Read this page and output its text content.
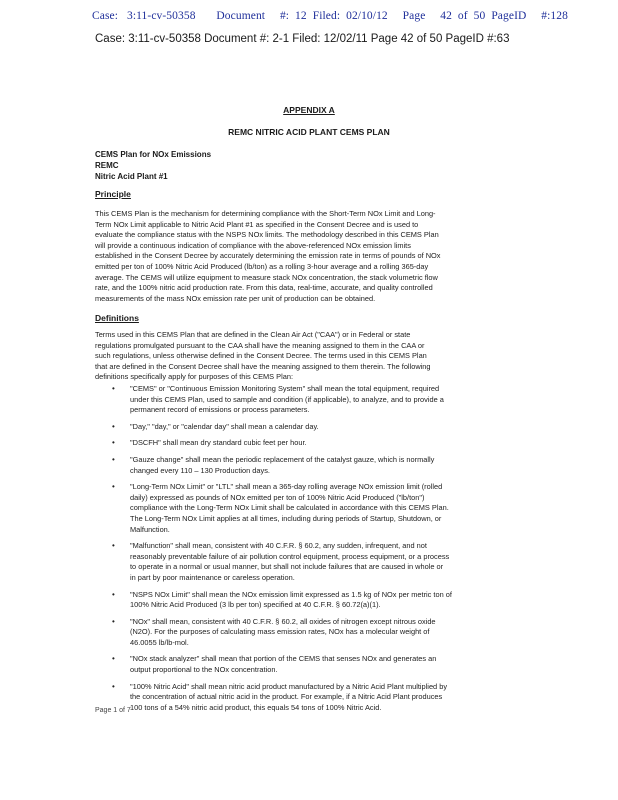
Case:   3:11-cv-50358       Document     #:  12  Filed:  02/10/12     Page     42  of  50  PageID     #:128
Case: 3:11-cv-50358 Document #: 2-1 Filed: 12/02/11 Page 42 of 50 PageID #:63
APPENDIX A
REMC NITRIC ACID PLANT CEMS PLAN
CEMS Plan for NOx Emissions
REMC
Nitric Acid Plant #1
Principle
This CEMS Plan is the mechanism for determining compliance with the Short-Term NOx Limit and Long-
Term NOx Limit applicable to Nitric Acid Plant #1 as specified in the Consent Decree and is used to
evaluate the compliance status with the NSPS NOx limits. The methodology described in this CEMS Plan
will provide a continuous indication of compliance with the above-referenced NOx emission limits
established in the Consent Decree by accurately determining the emission rate in terms of pounds of NOx
emitted per ton of 100% Nitric Acid Produced (lb/ton) as a rolling 3-hour average and a rolling 365-day
average. The CEMS will utilize equipment to measure stack NOx concentration, the stack volumetric flow
rate, and the 100% nitric acid production rate. From this data, real-time, accurate, and quality controlled
measurements of the mass NOx emission rate per unit of production can be obtained.
Definitions
Terms used in this CEMS Plan that are defined in the Clean Air Act ("CAA") or in Federal or state
regulations promulgated pursuant to the CAA shall have the meaning assigned to them in the CAA or
such regulations, unless otherwise defined in the Consent Decree. The terms used in this CEMS Plan
that are defined in the Consent Decree shall have the meaning assigned to them therein. The following
definitions specifically apply for purposes of this CEMS Plan:
• "CEMS" or "Continuous Emission Monitoring System" shall mean the total equipment, required
under this CEMS Plan, used to sample and condition (if applicable), to analyze, and to provide a
permanent record of emissions or process parameters.
• "Day," "day," or "calendar day" shall mean a calendar day.
• "DSCFH" shall mean dry standard cubic feet per hour.
• "Gauze change" shall mean the periodic replacement of the catalyst gauze, which is normally
changed every 110 – 130 Production days.
• "Long-Term NOx Limit" or "LTL" shall mean a 365-day rolling average NOx emission limit (rolled
daily) expressed as pounds of NOx emitted per ton of 100% Nitric Acid Produced ("lb/ton")
compliance with the Long-Term NOx Limit shall be calculated in accordance with this CEMS Plan.
The Long-Term NOx Limit applies at all times, including during periods of Startup, Shutdown, or
Malfunction.
• "Malfunction" shall mean, consistent with 40 C.F.R. § 60.2, any sudden, infrequent, and not
reasonably preventable failure of air pollution control equipment, process equipment, or a process
to operate in a normal or usual manner, but shall not include failures that are caused in whole or
in part by poor maintenance or careless operation.
• "NSPS NOx Limit" shall mean the NOx emission limit expressed as 1.5 kg of NOx per metric ton of
100% Nitric Acid Produced (3 lb per ton) specified at 40 C.F.R. § 60.72(a)(1).
• "NOx" shall mean, consistent with 40 C.F.R. § 60.2, all oxides of nitrogen except nitrous oxide
(N2O). For the purposes of calculating mass emission rates, NOx has a molecular weight of
46.0055 lb/lb-mol.
• "NOx stack analyzer" shall mean that portion of the CEMS that senses NOx and generates an
output proportional to the NOx concentration.
• "100% Nitric Acid" shall mean nitric acid product manufactured by a Nitric Acid Plant multiplied by
the concentration of actual nitric acid in the product. For example, if a Nitric Acid Plant produces
100 tons of a 54% nitric acid product, this equals 54 tons of 100% Nitric Acid.
Page 1 of 7
